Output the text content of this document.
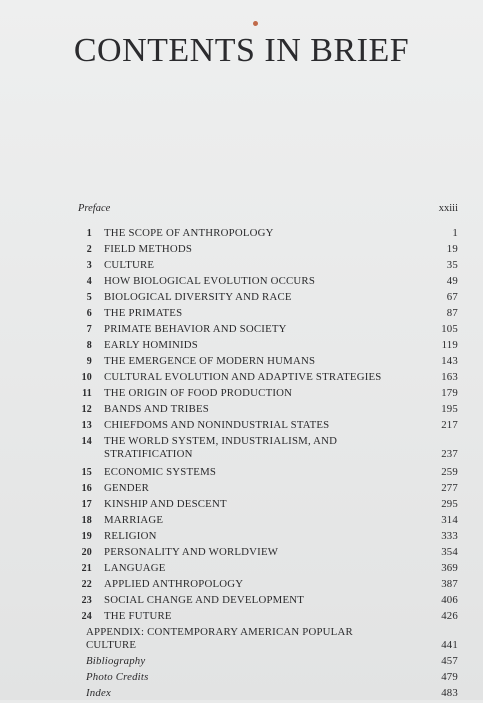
CONTENTS IN BRIEF
Preface	xxiii
1 THE SCOPE OF ANTHROPOLOGY	1
2 FIELD METHODS	19
3 CULTURE	35
4 HOW BIOLOGICAL EVOLUTION OCCURS	49
5 BIOLOGICAL DIVERSITY AND RACE	67
6 THE PRIMATES	87
7 PRIMATE BEHAVIOR AND SOCIETY	105
8 EARLY HOMINIDS	119
9 THE EMERGENCE OF MODERN HUMANS	143
10 CULTURAL EVOLUTION AND ADAPTIVE STRATEGIES	163
11 THE ORIGIN OF FOOD PRODUCTION	179
12 BANDS AND TRIBES	195
13 CHIEFDOMS AND NONINDUSTRIAL STATES	217
14 THE WORLD SYSTEM, INDUSTRIALISM, AND STRATIFICATION	237
15 ECONOMIC SYSTEMS	259
16 GENDER	277
17 KINSHIP AND DESCENT	295
18 MARRIAGE	314
19 RELIGION	333
20 PERSONALITY AND WORLDVIEW	354
21 LANGUAGE	369
22 APPLIED ANTHROPOLOGY	387
23 SOCIAL CHANGE AND DEVELOPMENT	406
24 THE FUTURE	426
APPENDIX: CONTEMPORARY AMERICAN POPULAR CULTURE	441
Bibliography	457
Photo Credits	479
Index	483
